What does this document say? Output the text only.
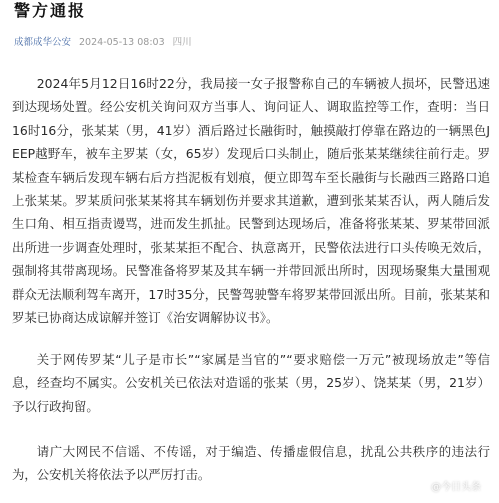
警方通报
成都成华公安 2024-05-13 08:03 四川

2024年5月12日16时22分，我局接一女子报警称自己的车辆被人损坏，民警迅速到达现场处置。经公安机关询问双方当事人、询问证人、调取监控等工作，查明：当日16时16分，张某某（男，41岁）酒后路过长融街时，触摸敲打停靠在路边的一辆黑色JEEP越野车，被车主罗某（女，65岁）发现后口头制止，随后张某某继续往前行走。罗某检查车辆后发现车辆右后方挡泥板有划痕，便立即驾车至长融街与长融西三路路口追上张某某。罗某质问张某某将其车辆划伤并要求其道歉，遭到张某某否认，两人随后发生口角、相互指责谩骂，进而发生抓扯。民警到达现场后，准备将张某某、罗某带回派出所进一步调查处理时，张某某拒不配合、执意离开，民警依法进行口头传唤无效后，强制将其带离现场。民警准备将罗某及其车辆一并带回派出所时，因现场聚集大量围观群众无法顺利驾车离开，17时35分，民警驾驶警车将罗某带回派出所。目前，张某某和罗某已协商达成谅解并签订《治安调解协议书》。

关于网传罗某“儿子是市长”“家属是当官的”“要求赔偿一万元”被现场放走”等信息，经查均不属实。公安机关已依法对造谣的张某（男，25岁）、饶某某（男，21岁）予以行政拘留。

请广大网民不信谣、不传谣，对于编造、传播虚假信息，扰乱公共秩序的违法行为，公安机关将依法予以严厉打击。

@今日头条
